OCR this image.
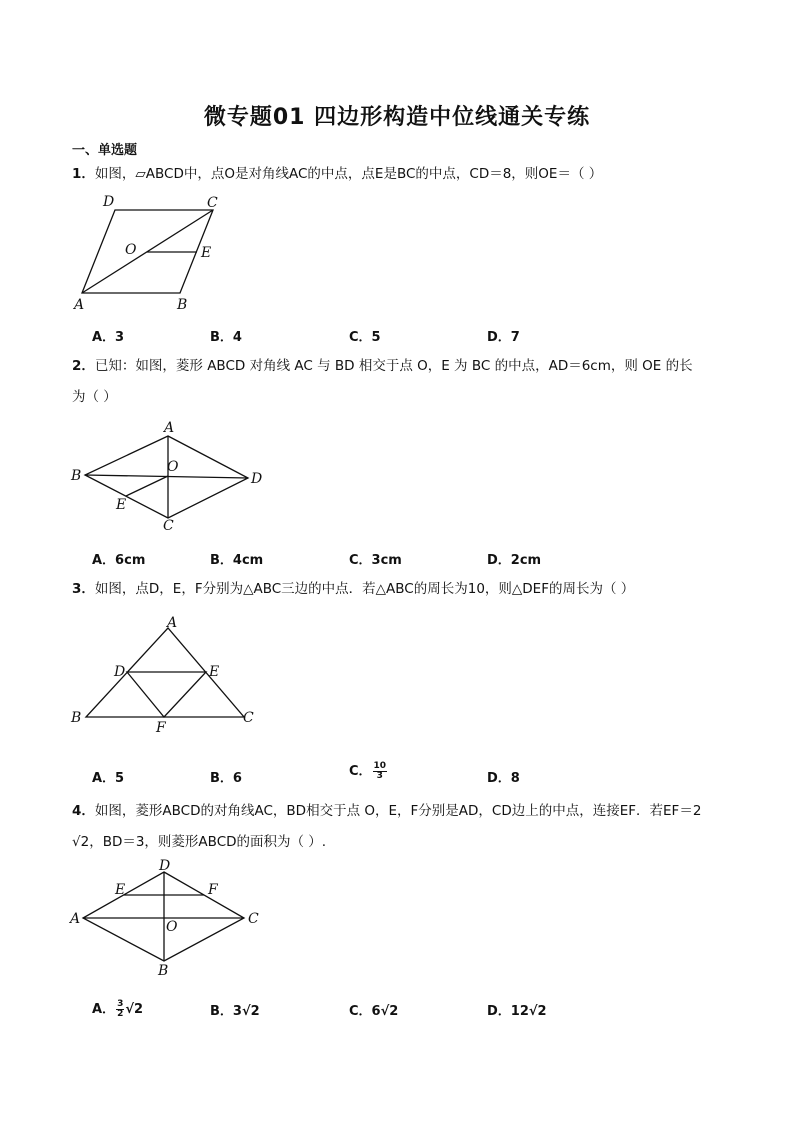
微专题01 四边形构造中位线通关专练
一、单选题
1．如图，▱ABCD中，点O是对角线AC的中点，点E是BC的中点，CD＝8，则OE＝（ ）
D	C
O	E
A	B
A．3	B．4	C．5	D．7
2．已知：如图，菱形 ABCD 对角线 AC 与 BD 相交于点 O，E 为 BC 的中点，AD＝6cm，则 OE 的长
为（ ）
A
B
O
D
E
C
A．6cm	B．4cm	C．3cm	D．2cm
3．如图，点D，E，F分别为△ABC三边的中点．若△ABC的周长为10，则△DEF的周长为（ ）
A
D	E
B
F
C
A．5	B．6	C． $\frac{10}{3}$	D．8
4．如图，菱形ABCD的对角线AC，BD相交于点 O，E，F分别是AD，CD边上的中点，连接EF．若EF＝2
√2，BD＝3，则菱形ABCD的面积为（ ）.
D
E	F
A	C
O
B
A． $\frac{3}{2} √2$	B．3√2	C．6√2	D．12√2
